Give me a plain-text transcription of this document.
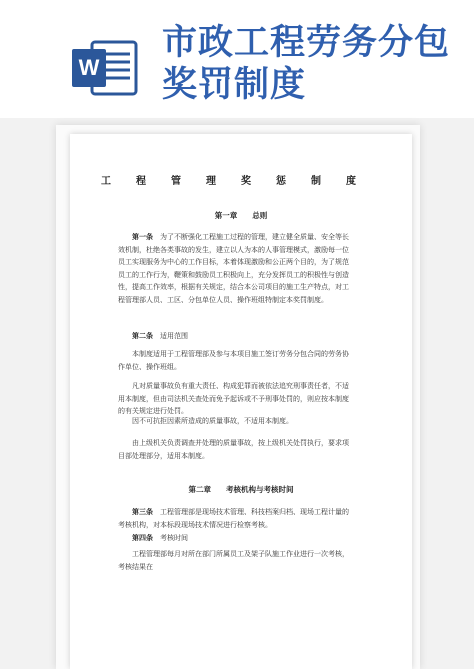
W
市政工程劳务分包
奖罚制度
工程管理奖惩制度
第一章　　总则
第一条　为了不断强化工程施工过程的管理，建立健全质量、安全等长效机制，杜绝各类事故的发生，建立以人为本的人事管理模式，激励每一位员工实现服务为中心的工作目标，本着体现激励和公正两个目的，为了规范员工的工作行为，鞭策和鼓励员工积极向上，充分发挥员工的积极性与创造性，提高工作效率，根据有关规定，结合本公司项目的施工生产特点，对工程管理部人员、工区、分包单位人员、操作班组特制定本奖罚制度。
第二条　适用范围
本制度适用于工程管理部及参与本项目施工签订劳务分包合同的劳务协作单位、操作班组。
凡对质量事故负有重大责任、构成犯罪而被依法追究刑事责任者，不适用本制度，但由司法机关查处而免予起诉或不予刑事处罚的，则应按本制度的有关规定进行处罚。
因不可抗拒因素所造成的质量事故，不适用本制度。
由上级机关负责调查并处理的质量事故，按上级机关处罚执行，要求项目部处理部分，适用本制度。
第二章　　考核机构与考核时间
第三条　工程管理部是现场技术管理、科技档案归档、现场工程计量的考核机构，对本标段现场技术情况进行检察考核。
第四条　考核时间
工程管理部每月对所在部门所属员工及架子队施工作业进行一次考核，考核结果在
